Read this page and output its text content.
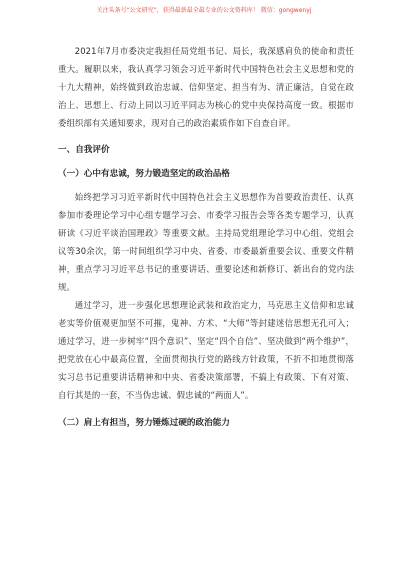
关注头条号“公文研究”，获得最新最全最专业的公文资料库！ 微信：gongwenyj

2021年7月市委决定我担任局党组书记、局长，我深感肩负的使命和责任重大。履职以来，我认真学习领会习近平新时代中国特色社会主义思想和党的十九大精神，始终做到政治忠诚、信仰坚定、担当有为、清正廉洁，自觉在政治上、思想上、行动上同以习近平同志为核心的党中央保持高度一致。根据市委组织部有关通知要求，现对自己的政治素质作如下自查自评。

一、自我评价
（一）心中有忠诚，努力锻造坚定的政治品格

始终把学习习近平新时代中国特色社会主义思想作为首要政治责任、认真参加市委理论学习中心组专题学习会、市委学习报告会等各类专题学习，认真研读《习近平谈治国理政》等重要文献。主持局党组理论学习中心组、党组会议等30余次，第一时间组织学习中央、省委、市委最新重要会议、重要文件精神，重点学习习近平总书记的重要讲话、重要论述和新修订、新出台的党内法规。

通过学习，进一步强化思想理论武装和政治定力，马克思主义信仰和忠诚老实等价值观更加坚不可摧，鬼神、方术、“大师”等封建迷信思想无孔可入；通过学习，进一步树牢“四个意识”、坚定“四个自信”、坚决做到“两个维护”，把党放在心中最高位置，全面贯彻执行党的路线方针政策，不折不扣地贯彻落实习总书记重要讲话精神和中央、省委决策部署，不搞上有政策、下有对策、自行其是的一套，不当伪忠诚、假忠诚的“两面人”。

（二）肩上有担当，努力锤炼过硬的政治能力
